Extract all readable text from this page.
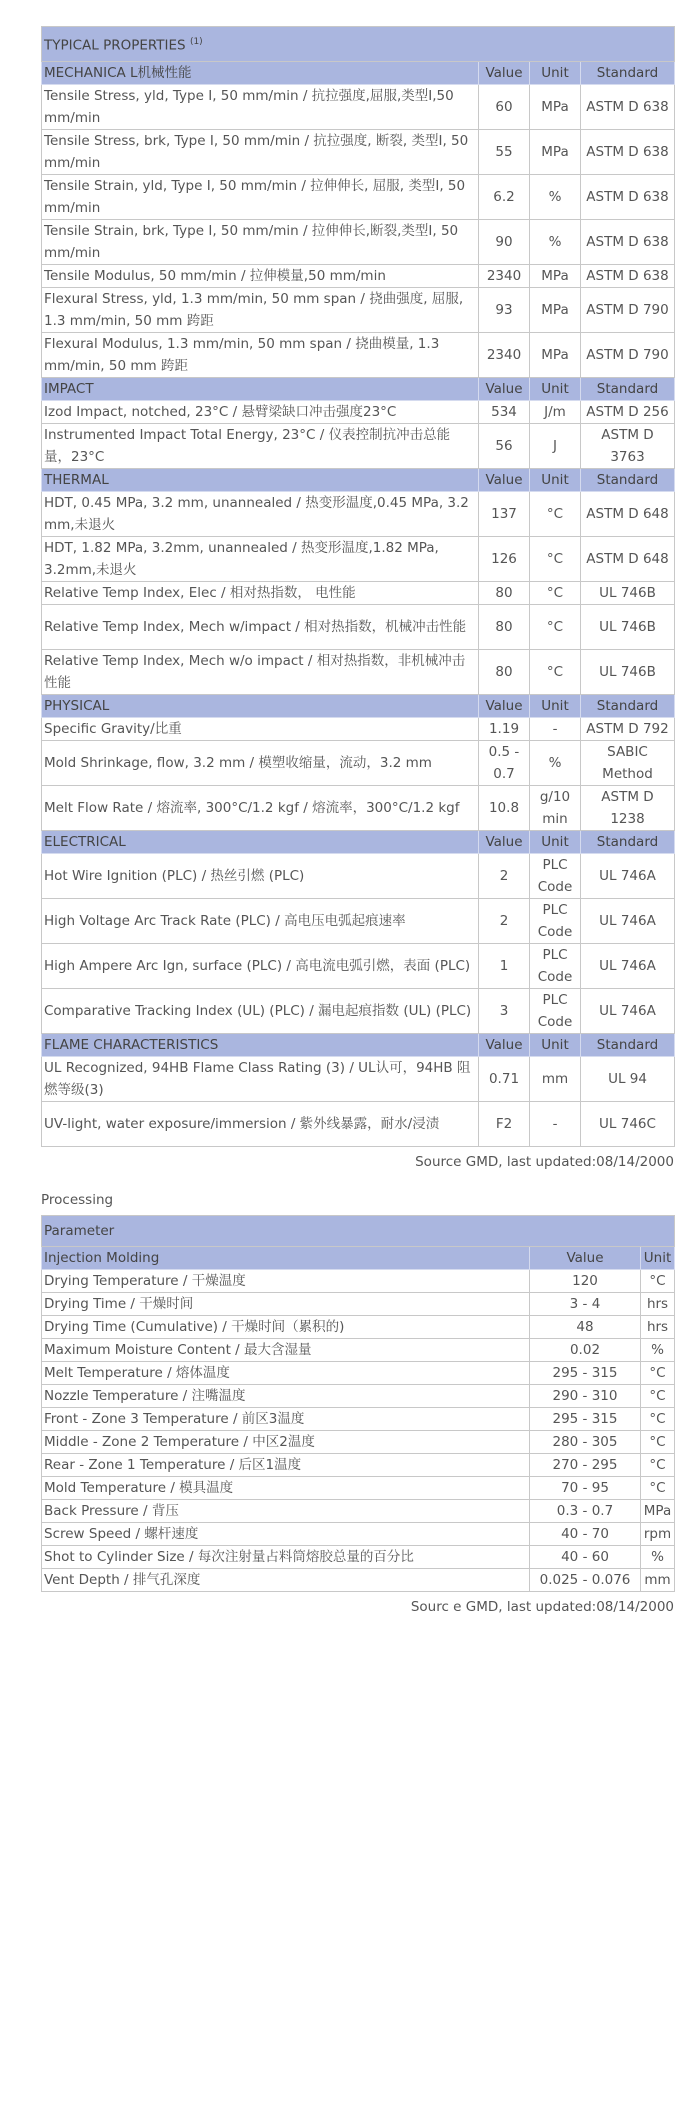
TYPICAL PROPERTIES $^{(1)}$
MECHANICA L机械性能	Value	Unit	Standard
Tensile Stress, yld, Type I, 50 mm/min / 抗拉强度,屈服,类型I,50 mm/min	60	MPa	ASTM D 638
Tensile Stress, brk, Type I, 50 mm/min / 抗拉强度, 断裂, 类型I, 50 mm/min	55	MPa	ASTM D 638
Tensile Strain, yld, Type I, 50 mm/min / 拉伸伸长, 屈服, 类型I, 50 mm/min	6.2	%	ASTM D 638
Tensile Strain, brk, Type I, 50 mm/min / 拉伸伸长,断裂,类型I, 50 mm/min	90	%	ASTM D 638
Tensile Modulus, 50 mm/min / 拉伸模量,50 mm/min	2340	MPa	ASTM D 638
Flexural Stress, yld, 1.3 mm/min, 50 mm span / 挠曲强度, 屈服, 1.3 mm/min, 50 mm 跨距	93	MPa	ASTM D 790
Flexural Modulus, 1.3 mm/min, 50 mm span / 挠曲模量, 1.3 mm/min, 50 mm 跨距	2340	MPa	ASTM D 790
IMPACT	Value	Unit	Standard
Izod Impact, notched, 23°C / 悬臂梁缺口冲击强度23°C	534	J/m	ASTM D 256
Instrumented Impact Total Energy, 23°C / 仪表控制抗冲击总能量，23°C	56	J	ASTM D 3763
THERMAL	Value	Unit	Standard
HDT, 0.45 MPa, 3.2 mm, unannealed / 热变形温度,0.45 MPa, 3.2 mm,未退火	137	°C	ASTM D 648
HDT, 1.82 MPa, 3.2mm, unannealed / 热变形温度,1.82 MPa, 3.2mm,未退火	126	°C	ASTM D 648
Relative Temp Index, Elec / 相对热指数， 电性能	80	°C	UL 746B
Relative Temp Index, Mech w/impact / 相对热指数，机械冲击性能	80	°C	UL 746B
Relative Temp Index, Mech w/o impact / 相对热指数，非机械冲击性能	80	°C	UL 746B
PHYSICAL	Value	Unit	Standard
Specific Gravity/比重	1.19	-	ASTM D 792
Mold Shrinkage, flow, 3.2 mm / 模塑收缩量，流动，3.2 mm	0.5 - 0.7	%	SABIC Method
Melt Flow Rate / 熔流率, 300°C/1.2 kgf / 熔流率，300°C/1.2 kgf	10.8	g/10 min	ASTM D 1238
ELECTRICAL	Value	Unit	Standard
Hot Wire Ignition (PLC) / 热丝引燃 (PLC)	2	PLC Code	UL 746A
High Voltage Arc Track Rate (PLC) / 高电压电弧起痕速率	2	PLC Code	UL 746A
High Ampere Arc Ign, surface (PLC) / 高电流电弧引燃，表面 (PLC)	1	PLC Code	UL 746A
Comparative Tracking Index (UL) (PLC) / 漏电起痕指数 (UL) (PLC)	3	PLC Code	UL 746A
FLAME CHARACTERISTICS	Value	Unit	Standard
UL Recognized, 94HB Flame Class Rating (3) / UL认可，94HB 阻燃等级(3)	0.71	mm	UL 94
UV-light, water exposure/immersion / 紫外线暴露，耐水/浸渍	F2	-	UL 746C
Source GMD, last updated:08/14/2000
Processing
Parameter		
Injection Molding	Value	Unit
Drying Temperature / 干燥温度	120	°C
Drying Time / 干燥时间	3 - 4	hrs
Drying Time (Cumulative) / 干燥时间（累积的)	48	hrs
Maximum Moisture Content / 最大含湿量	0.02	%
Melt Temperature / 熔体温度	295 - 315	°C
Nozzle Temperature / 注嘴温度	290 - 310	°C
Front - Zone 3 Temperature / 前区3温度	295 - 315	°C
Middle - Zone 2 Temperature / 中区2温度	280 - 305	°C
Rear - Zone 1 Temperature / 后区1温度	270 - 295	°C
Mold Temperature / 模具温度	70 - 95	°C
Back Pressure / 背压	0.3 - 0.7	MPa
Screw Speed / 螺杆速度	40 - 70	rpm
Shot to Cylinder Size / 每次注射量占料筒熔胶总量的百分比	40 - 60	%
Vent Depth / 排气孔深度	0.025 - 0.076	mm
Sourc e GMD, last updated:08/14/2000
